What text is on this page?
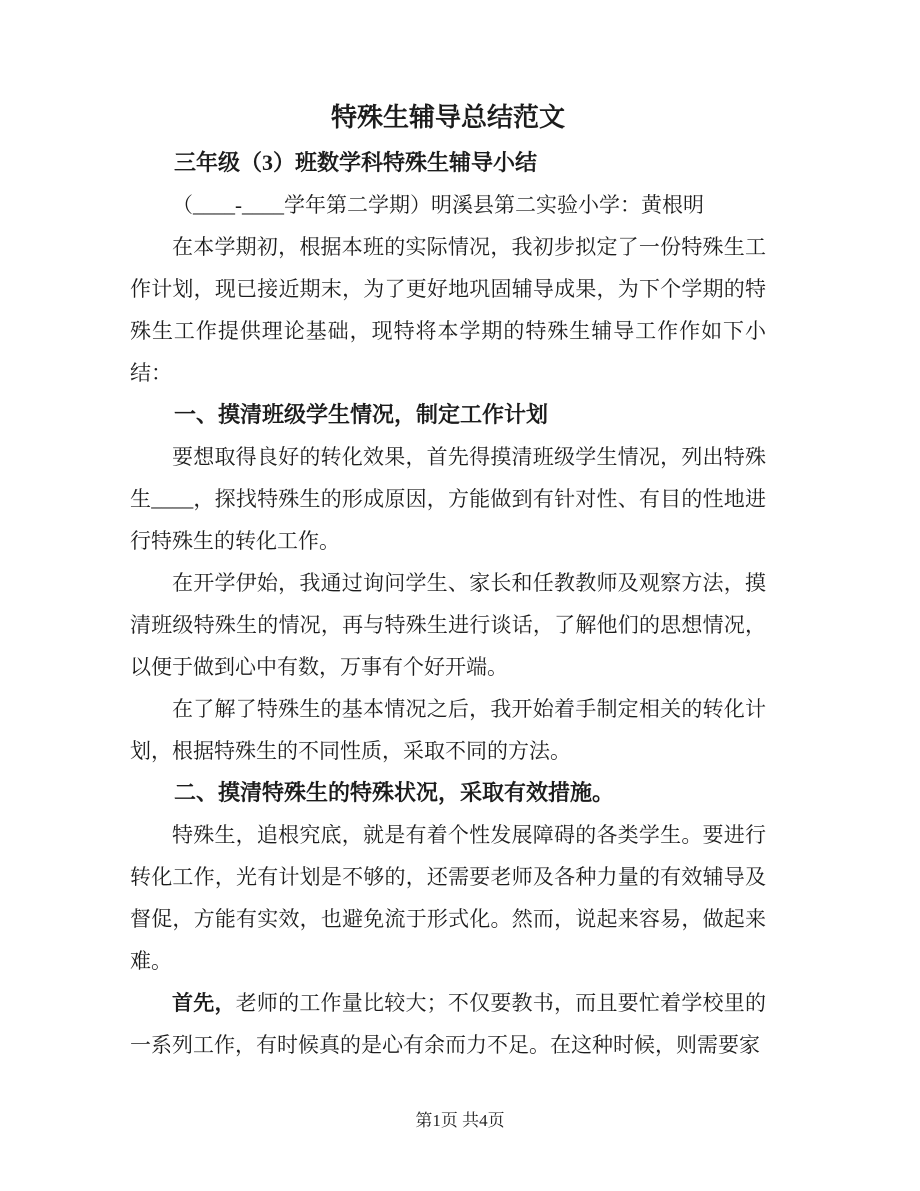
特殊生辅导总结范文

三年级（3）班数学科特殊生辅导小结

（____-____学年第二学期）明溪县第二实验小学：黄根明

在本学期初，根据本班的实际情况，我初步拟定了一份特殊生工作计划，现已接近期末，为了更好地巩固辅导成果，为下个学期的特殊生工作提供理论基础，现特将本学期的特殊生辅导工作作如下小结：

一、摸清班级学生情况，制定工作计划

要想取得良好的转化效果，首先得摸清班级学生情况，列出特殊生____，探找特殊生的形成原因，方能做到有针对性、有目的性地进行特殊生的转化工作。

在开学伊始，我通过询问学生、家长和任教教师及观察方法，摸清班级特殊生的情况，再与特殊生进行谈话，了解他们的思想情况，以便于做到心中有数，万事有个好开端。

在了解了特殊生的基本情况之后，我开始着手制定相关的转化计划，根据特殊生的不同性质，采取不同的方法。

二、摸清特殊生的特殊状况，采取有效措施。

特殊生，追根究底，就是有着个性发展障碍的各类学生。要进行转化工作，光有计划是不够的，还需要老师及各种力量的有效辅导及督促，方能有实效，也避免流于形式化。然而，说起来容易，做起来难。

首先，老师的工作量比较大；不仅要教书，而且要忙着学校里的一系列工作，有时候真的是心有余而力不足。在这种时候，则需要家

第1页 共4页
